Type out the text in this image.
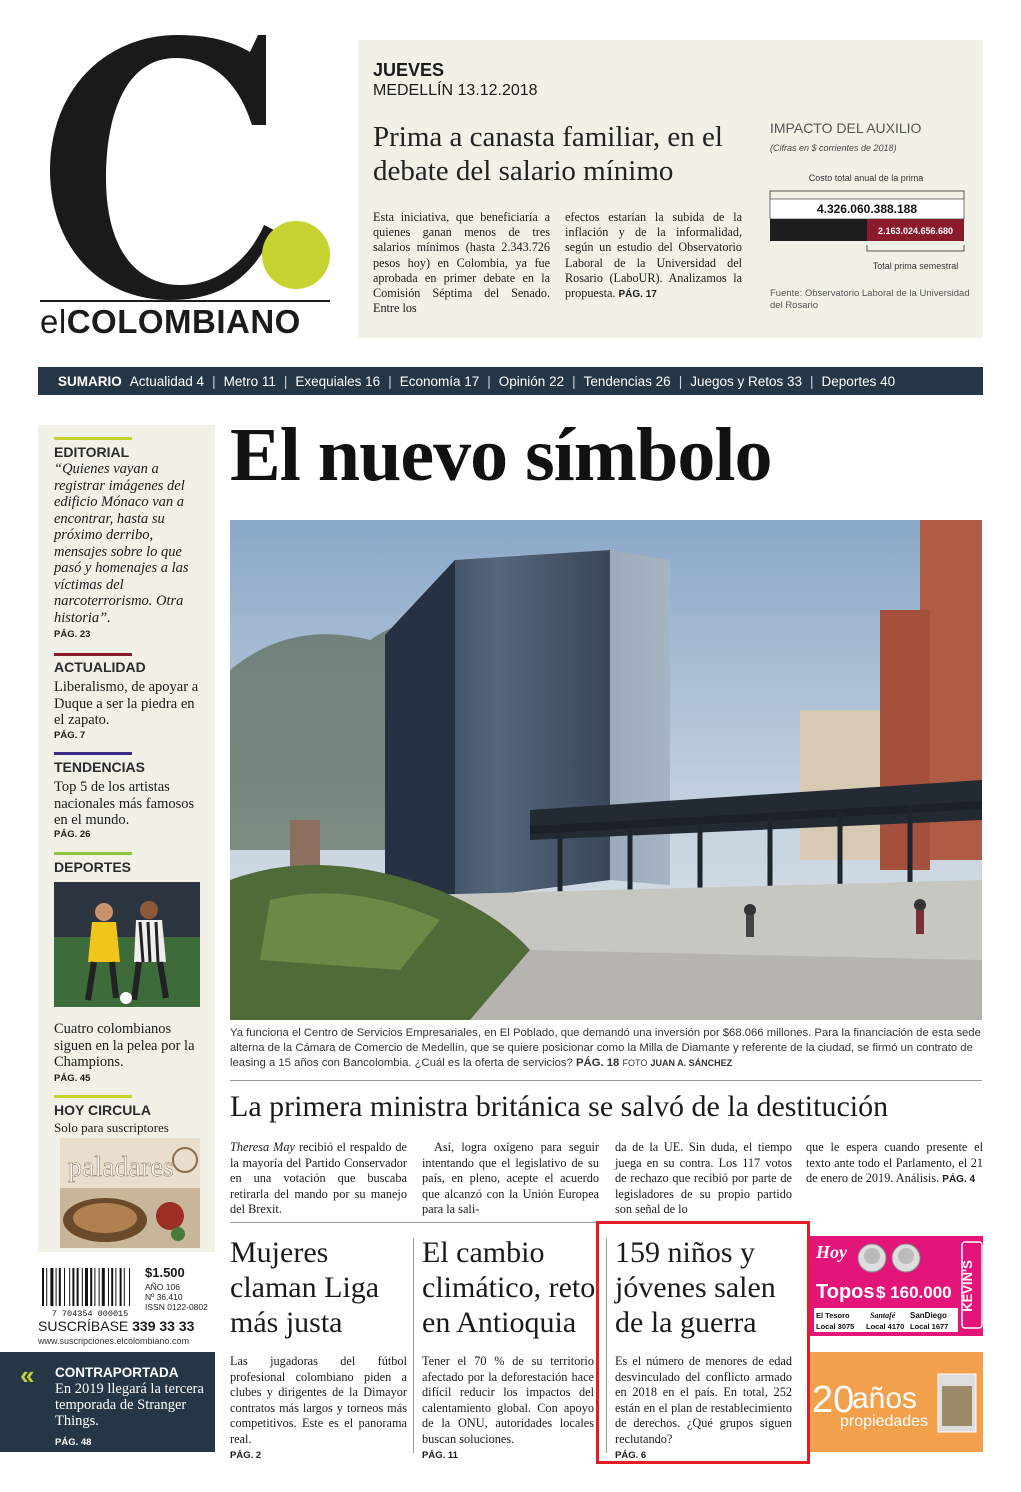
elCOLOMBIANO
JUEVES
MEDELLÍN 13.12.2018
Prima a canasta familiar, en el debate del salario mínimo
Esta iniciativa, que beneficiaría a quienes ganan menos de tres salarios mínimos (hasta 2.343.726 pesos hoy) en Colombia, ya fue aprobada en primer debate en la Comisión Séptima del Senado. Entre los
efectos estarían la subida de la inflación y de la informalidad, según un estudio del Observatorio Laboral de la Universidad del Rosario (LaboUR). Analizamos la propuesta. PÁG. 17
IMPACTO DEL AUXILIO
(Cifras en $ corrientes de 2018)
Costo total anual de la prima
4.326.060.388.188
2.163.024.656.680
Total prima semestral
Fuente: Observatorio Laboral de la Universidad del Rosario
SUMARIO Actualidad 4 | Metro 11 | Exequiales 16 | Economía 17 | Opinión 22 | Tendencias 26 | Juegos y Retos 33 | Deportes 40
EDITORIAL
“Quienes vayan a registrar imágenes del edificio Mónaco van a encontrar, hasta su próximo derribo, mensajes sobre lo que pasó y homenajes a las víctimas del narcoterrorismo. Otra historia”.
PÁG. 23
ACTUALIDAD
Liberalismo, de apoyar a Duque a ser la piedra en el zapato.
PÁG. 7
TENDENCIAS
Top 5 de los artistas nacionales más famosos en el mundo.
PÁG. 26
DEPORTES
Cuatro colombianos siguen en la pelea por la Champions.
PÁG. 45
HOY CIRCULA
Solo para suscriptores
paladares
El nuevo símbolo
Ya funciona el Centro de Servicios Empresariales, en El Poblado, que demandó una inversión por $68.066 millones. Para la financiación de esta sede alterna de la Cámara de Comercio de Medellín, que se quiere posicionar como la Milla de Diamante y referente de la ciudad, se firmó un contrato de leasing a 15 años con Bancolombia. ¿Cuál es la oferta de servicios? PÁG. 18 FOTO JUAN A. SÁNCHEZ
La primera ministra británica se salvó de la destitución
Theresa May recibió el respaldo de la mayoría del Partido Conservador en una votación que buscaba retirarla del mando por su manejo del Brexit.
Así, logra oxígeno para seguir intentando que el legislativo de su país, en pleno, acepte el acuerdo que alcanzó con la Unión Europea para la sali-
da de la UE. Sin duda, el tiempo juega en su contra. Los 117 votos de rechazo que recibió por parte de legisladores de su propio partido son señal de lo
que le espera cuando presente el texto ante todo el Parlamento, el 21 de enero de 2019. Análisis. PÁG. 4
Mujeres claman Liga más justa
Las jugadoras del fútbol profesional colombiano piden a clubes y dirigentes de la Dimayor contratos más largos y torneos más competitivos. Este es el panorama real.
PÁG. 2
El cambio climático, reto en Antioquia
Tener el 70 % de su territorio afectado por la deforestación hace difícil reducir los impactos del calentamiento global. Con apoyo de la ONU, autoridades locales buscan soluciones.
PÁG. 11
159 niños y jóvenes salen de la guerra
Es el número de menores de edad desvinculado del conflicto armado en 2018 en el país. En total, 252 están en el plan de restablecimiento de derechos. ¿Qué grupos siguen reclutando?
PÁG. 6
Hoy
Topos $ 160.000 KEVIN'S
El Tesoro	Santafé SanDiego
Local 3075 Local 4170 Local 1677
20
años
propiedades
7 704354 000015
$1.500
AÑO 106
Nº 36.410
ISSN 0122-0802
SUSCRÍBASE 339 33 33
www.suscripciones.elcolombiano.com
« CONTRAPORTADA
En 2019 llegará la tercera temporada de Stranger Things.
PÁG. 48
